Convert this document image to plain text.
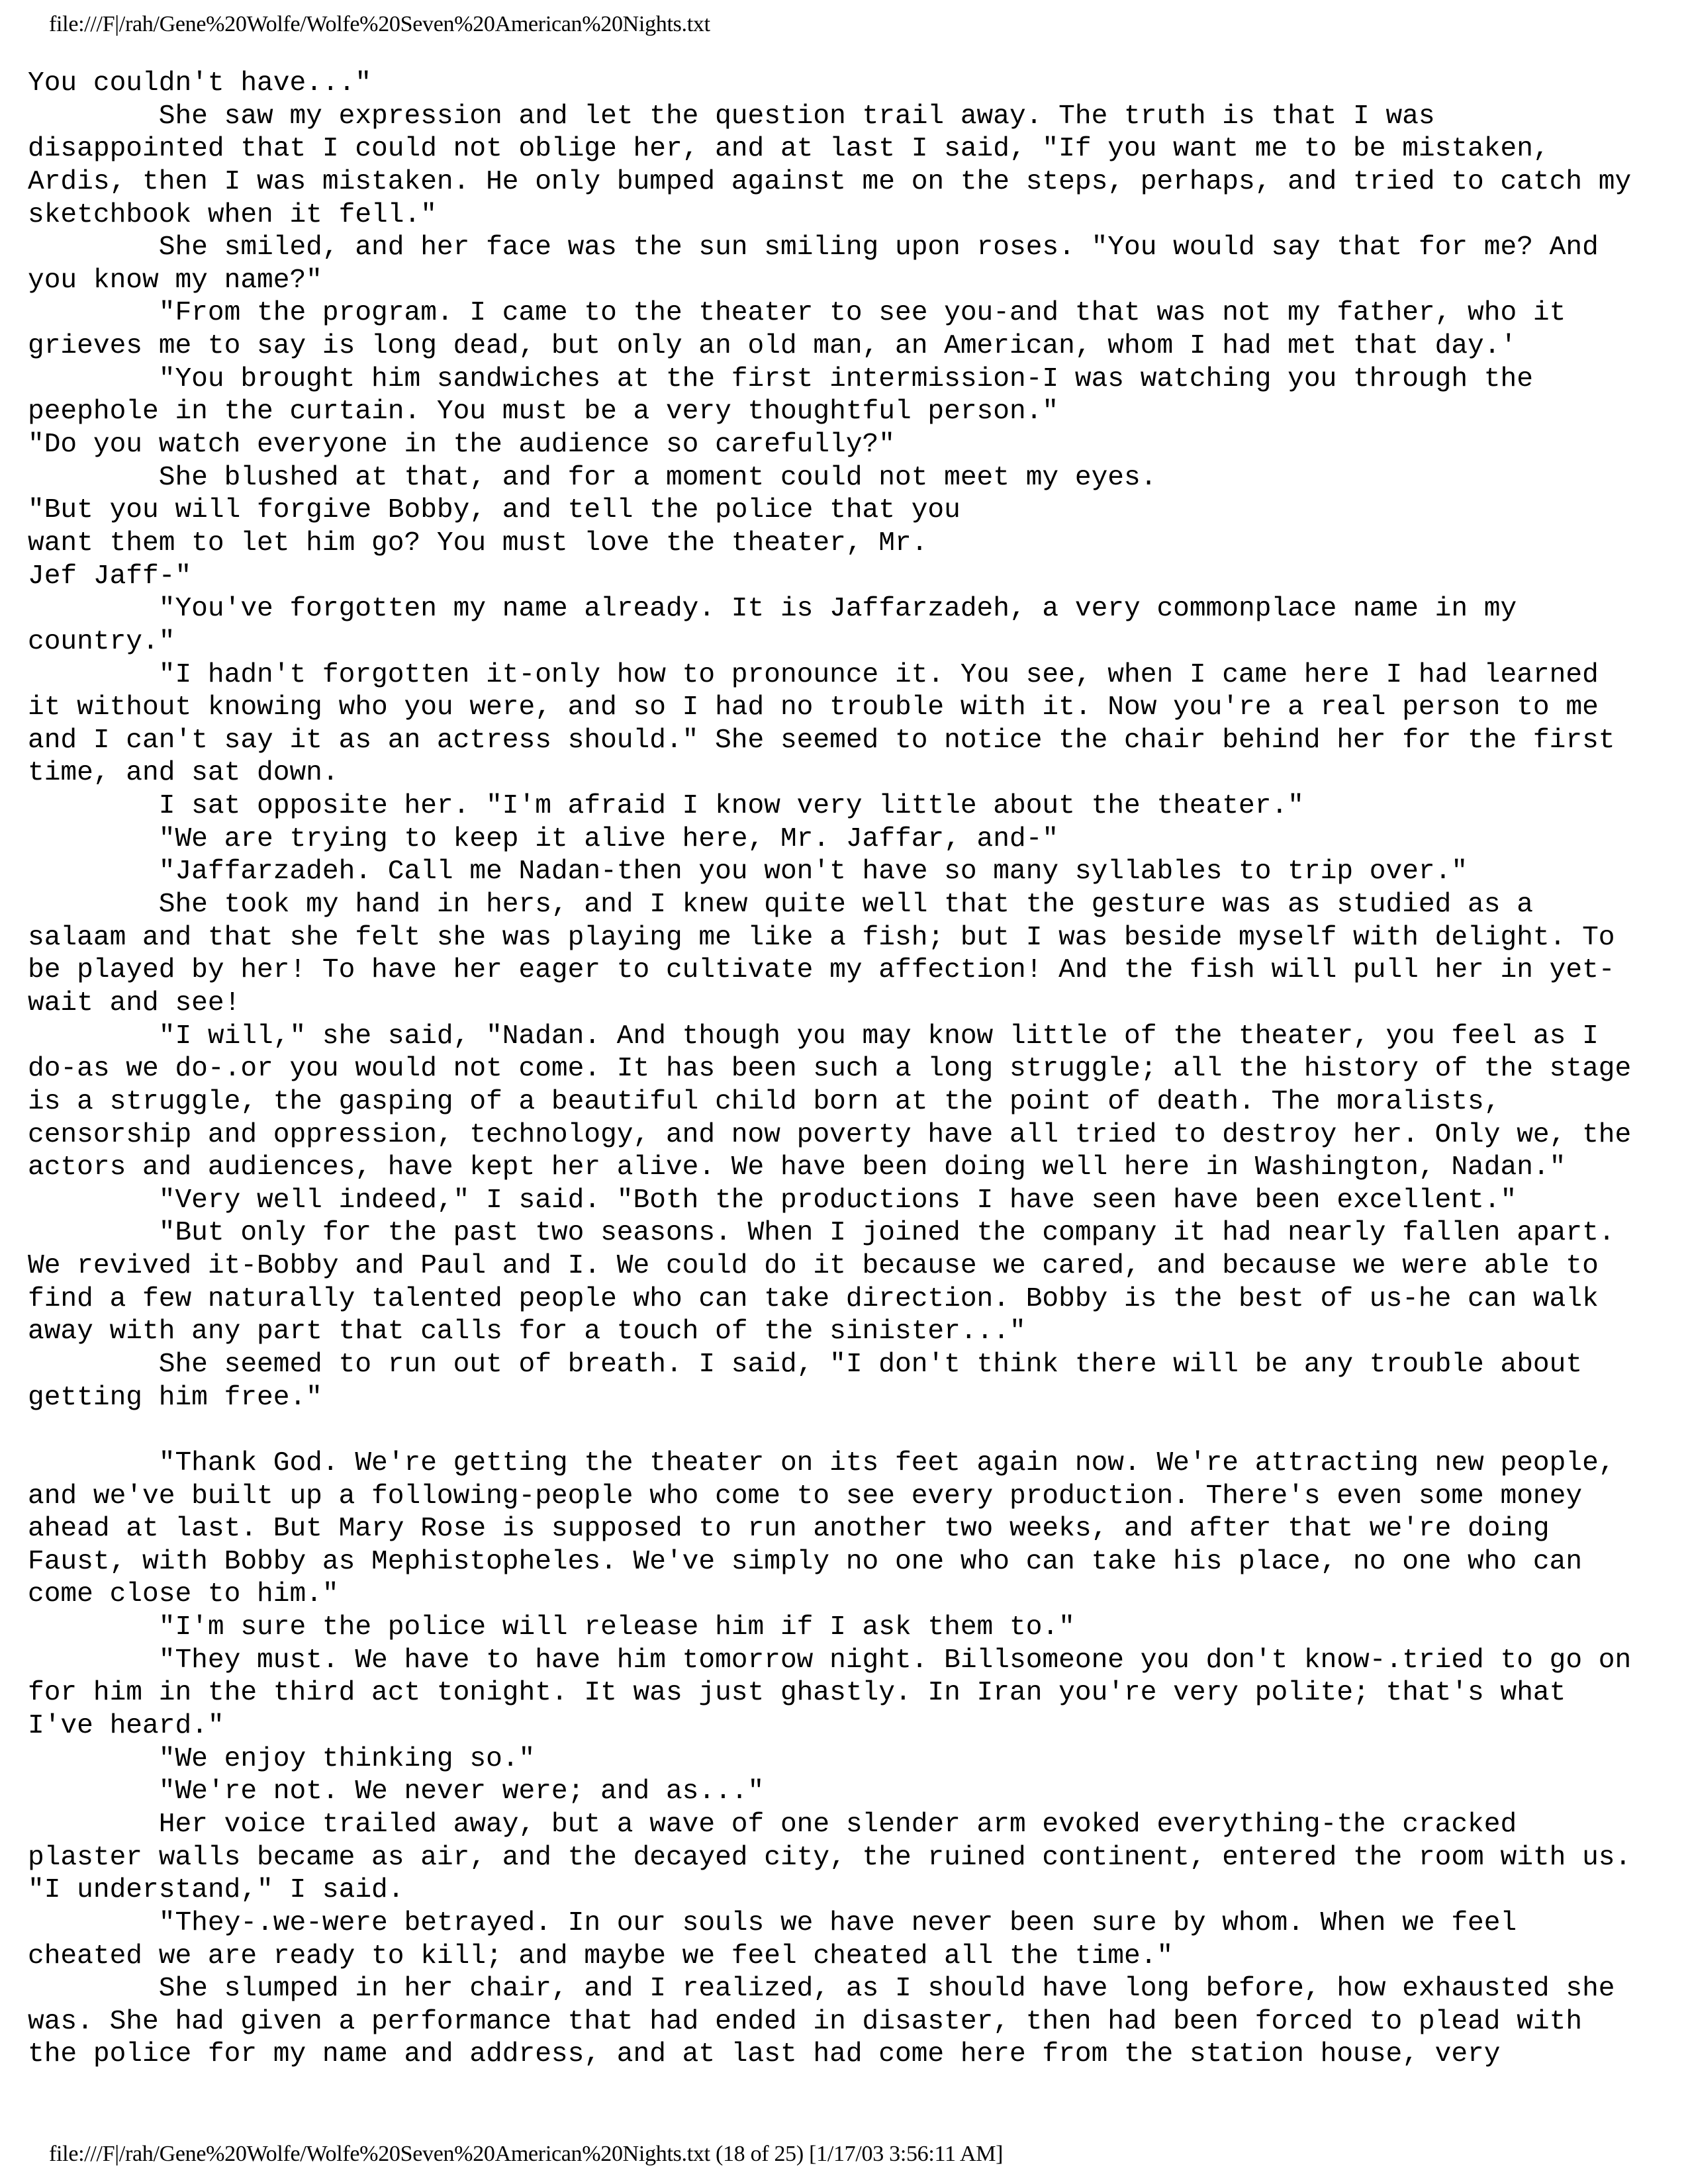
file:///F|/rah/Gene%20Wolfe/Wolfe%20Seven%20American%20Nights.txt
You couldn't have..."
She saw my expression and let the question trail away. The truth is that I was
disappointed that I could not oblige her, and at last I said, "If you want me to be mistaken,
Ardis, then I was mistaken. He only bumped against me on the steps, perhaps, and tried to catch my
sketchbook when it fell."
She smiled, and her face was the sun smiling upon roses. "You would say that for me? And
you know my name?"
"From the program. I came to the theater to see you-and that was not my father, who it
grieves me to say is long dead, but only an old man, an American, whom I had met that day.'
"You brought him sandwiches at the first intermission-I was watching you through the
peephole in the curtain. You must be a very thoughtful person."
"Do you watch everyone in the audience so carefully?"
She blushed at that, and for a moment could not meet my eyes.
"But you will forgive Bobby, and tell the police that you
want them to let him go? You must love the theater, Mr.
Jef Jaff-"
"You've forgotten my name already. It is Jaffarzadeh, a very commonplace name in my
country."
"I hadn't forgotten it-only how to pronounce it. You see, when I came here I had learned
it without knowing who you were, and so I had no trouble with it. Now you're a real person to me
and I can't say it as an actress should." She seemed to notice the chair behind her for the first
time, and sat down.
I sat opposite her. "I'm afraid I know very little about the theater."
"We are trying to keep it alive here, Mr. Jaffar, and-"
"Jaffarzadeh. Call me Nadan-then you won't have so many syllables to trip over."
She took my hand in hers, and I knew quite well that the gesture was as studied as a
salaam and that she felt she was playing me like a fish; but I was beside myself with delight. To
be played by her! To have her eager to cultivate my affection! And the fish will pull her in yet-
wait and see!
"I will," she said, "Nadan. And though you may know little of the theater, you feel as I
do-as we do-.or you would not come. It has been such a long struggle; all the history of the stage
is a struggle, the gasping of a beautiful child born at the point of death. The moralists,
censorship and oppression, technology, and now poverty have all tried to destroy her. Only we, the
actors and audiences, have kept her alive. We have been doing well here in Washington, Nadan."
"Very well indeed," I said. "Both the productions I have seen have been excellent."
"But only for the past two seasons. When I joined the company it had nearly fallen apart.
We revived it-Bobby and Paul and I. We could do it because we cared, and because we were able to
find a few naturally talented people who can take direction. Bobby is the best of us-he can walk
away with any part that calls for a touch of the sinister..."
She seemed to run out of breath. I said, "I don't think there will be any trouble about
getting him free."
"Thank God. We're getting the theater on its feet again now. We're attracting new people,
and we've built up a following-people who come to see every production. There's even some money
ahead at last. But Mary Rose is supposed to run another two weeks, and after that we're doing
Faust, with Bobby as Mephistopheles. We've simply no one who can take his place, no one who can
come close to him."
"I'm sure the police will release him if I ask them to."
"They must. We have to have him tomorrow night. Billsomeone you don't know-.tried to go on
for him in the third act tonight. It was just ghastly. In Iran you're very polite; that's what
I've heard."
"We enjoy thinking so."
"We're not. We never were; and as..."
Her voice trailed away, but a wave of one slender arm evoked everything-the cracked
plaster walls became as air, and the decayed city, the ruined continent, entered the room with us.
"I understand," I said.
"They-.we-were betrayed. In our souls we have never been sure by whom. When we feel
cheated we are ready to kill; and maybe we feel cheated all the time."
She slumped in her chair, and I realized, as I should have long before, how exhausted she
was. She had given a performance that had ended in disaster, then had been forced to plead with
the police for my name and address, and at last had come here from the station house, very
file:///F|/rah/Gene%20Wolfe/Wolfe%20Seven%20American%20Nights.txt (18 of 25) [1/17/03 3:56:11 AM]
